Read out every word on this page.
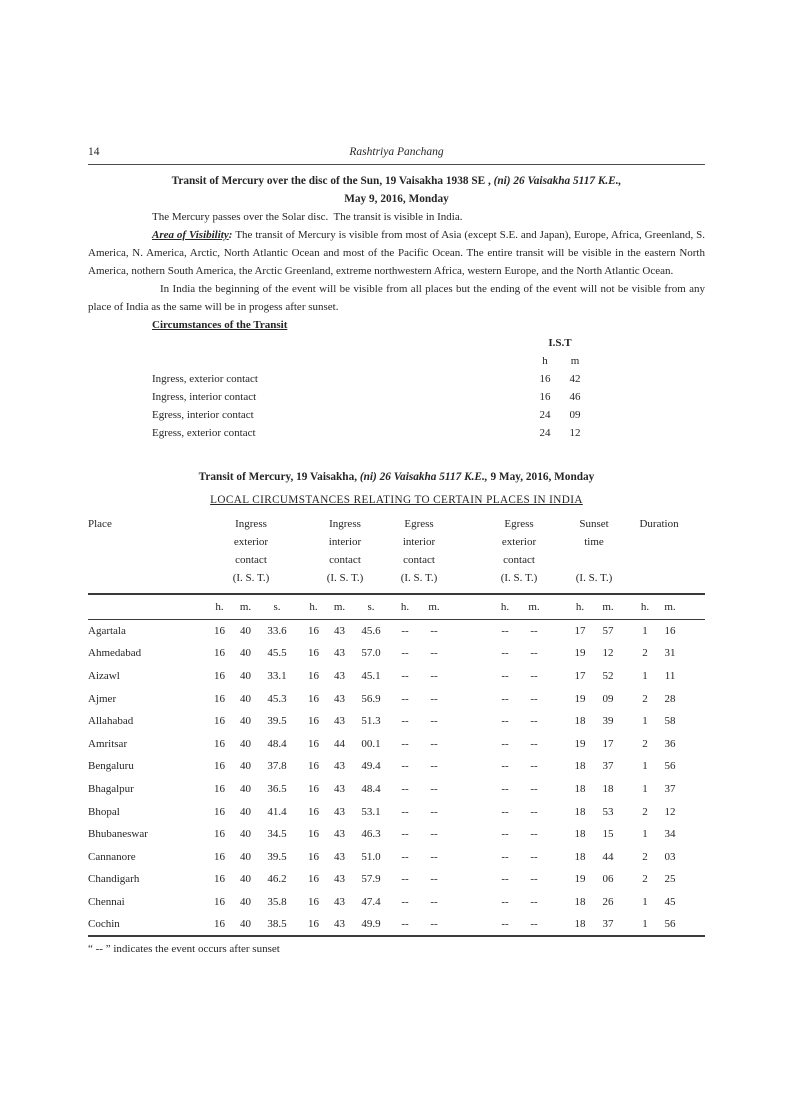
14	Rashtriya Panchang
Transit of Mercury over the disc of the Sun, 19 Vaisakha 1938 SE , (ni) 26 Vaisakha 5117 K.E.,
May 9, 2016, Monday

The Mercury passes over the Solar disc.  The transit is visible in India.

Area of Visibility: The transit of Mercury is visible from most of Asia (except S.E. and Japan), Europe, Africa, Greenland, S. America, N. America, Arctic, North Atlantic Ocean and most of the Pacific Ocean. The entire transit will be visible in the eastern North America, nothern South America, the Arctic Greenland, extreme northwestern Africa, western Europe, and the North Atlantic Ocean.

In India the beginning of the event will be visible from all places but the ending of the event will not be visible from any place of India as the same will be in progess after sunset.

Circumstances of the Transit
	I.S.T	
	h	m
Ingress, exterior contact	16	42
Ingress, interior contact	16	46
Egress, interior contact	24	09
Egress, exterior contact	24	12
Transit of Mercury, 19 Vaisakha, (ni) 26 Vaisakha 5117 K.E., 9 May, 2016, Monday
LOCAL CIRCUMSTANCES RELATING TO CERTAIN PLACES IN INDIA
Place	Ingress				Ingress			Egress			Egress			Sunset			Duration		
	exterior				interior			interior			exterior			time					
	contact				contact			contact			contact								
	(I. S. T.)				(I. S. T.)			(I. S. T.)			(I. S. T.)			(I. S. T.)					
	h.	m.	s.		h.	m.	s.	h.	m.		h.	m.		h.	m.		h.	m.	
Agartala	16	40	33.6		16	43	45.6	--	--		--	--		17	57		1	16	
Ahmedabad	16	40	45.5		16	43	57.0	--	--		--	--		19	12		2	31	
Aizawl	16	40	33.1		16	43	45.1	--	--		--	--		17	52		1	11	
Ajmer	16	40	45.3		16	43	56.9	--	--		--	--		19	09		2	28	
Allahabad	16	40	39.5		16	43	51.3	--	--		--	--		18	39		1	58	
Amritsar	16	40	48.4		16	44	00.1	--	--		--	--		19	17		2	36	
Bengaluru	16	40	37.8		16	43	49.4	--	--		--	--		18	37		1	56	
Bhagalpur	16	40	36.5		16	43	48.4	--	--		--	--		18	18		1	37	
Bhopal	16	40	41.4		16	43	53.1	--	--		--	--		18	53		2	12	
Bhubaneswar	16	40	34.5		16	43	46.3	--	--		--	--		18	15		1	34	
Cannanore	16	40	39.5		16	43	51.0	--	--		--	--		18	44		2	03	
Chandigarh	16	40	46.2		16	43	57.9	--	--		--	--		19	06		2	25	
Chennai	16	40	35.8		16	43	47.4	--	--		--	--		18	26		1	45	
Cochin	16	40	38.5		16	43	49.9	--	--		--	--		18	37		1	56	

“ -- ” indicates the event occurs after sunset
